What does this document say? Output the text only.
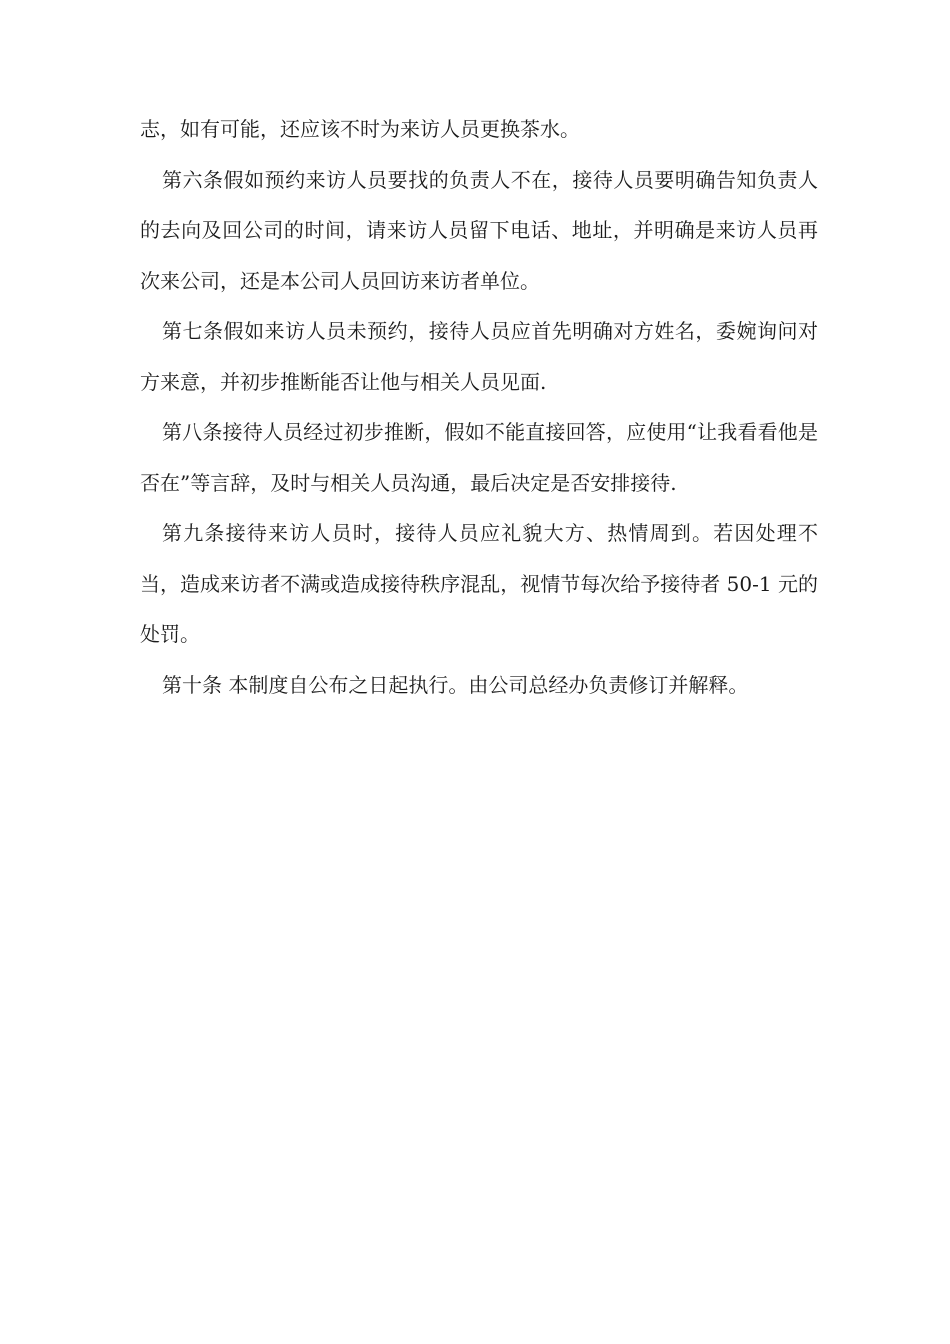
志，如有可能，还应该不时为来访人员更换茶水。

第六条假如预约来访人员要找的负责人不在，接待人员要明确告知负责人的去向及回公司的时间，请来访人员留下电话、地址，并明确是来访人员再次来公司，还是本公司人员回访来访者单位。

第七条假如来访人员未预约，接待人员应首先明确对方姓名，委婉询问对方来意，并初步推断能否让他与相关人员见面.

第八条接待人员经过初步推断，假如不能直接回答，应使用“让我看看他是否在”等言辞，及时与相关人员沟通，最后决定是否安排接待.

第九条接待来访人员时，接待人员应礼貌大方、热情周到。若因处理不当，造成来访者不满或造成接待秩序混乱，视情节每次给予接待者 50-1 元的处罚。

第十条 本制度自公布之日起执行。由公司总经办负责修订并解释。
